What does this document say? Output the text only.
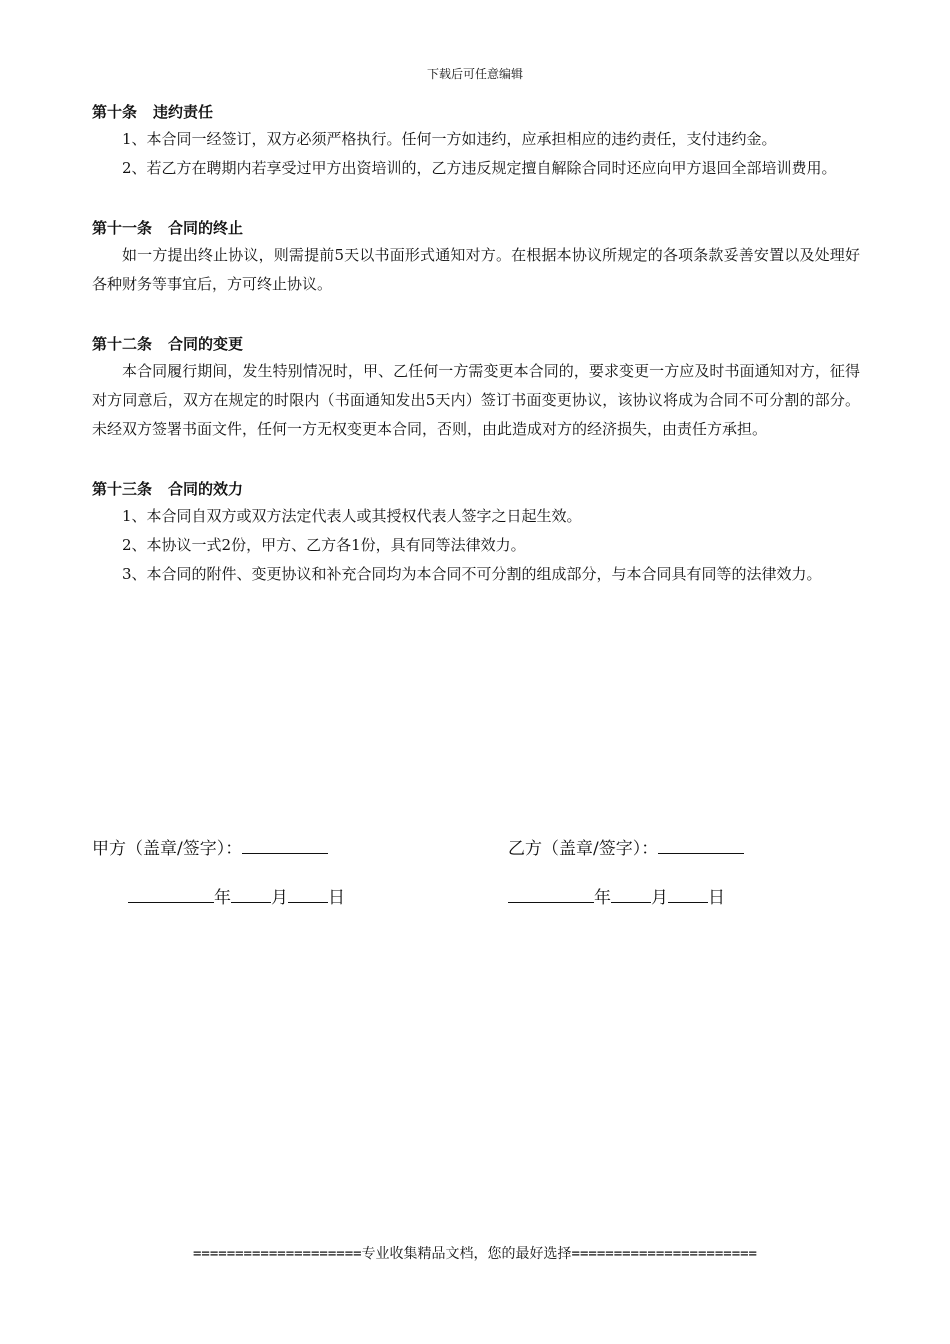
下载后可任意编辑

第十条 违约责任

1、本合同一经签订，双方必须严格执行。任何一方如违约，应承担相应的违约责任，支付违约金。

2、若乙方在聘期内若享受过甲方出资培训的，乙方违反规定擅自解除合同时还应向甲方退回全部培训费用。

第十一条 合同的终止

如一方提出终止协议，则需提前5天以书面形式通知对方。在根据本协议所规定的各项条款妥善安置以及处理好各种财务等事宜后，方可终止协议。

第十二条 合同的变更

本合同履行期间，发生特别情况时，甲、乙任何一方需变更本合同的，要求变更一方应及时书面通知对方，征得对方同意后，双方在规定的时限内（书面通知发出5天内）签订书面变更协议，该协议将成为合同不可分割的部分。未经双方签署书面文件，任何一方无权变更本合同，否则，由此造成对方的经济损失，由责任方承担。

第十三条 合同的效力

1、本合同自双方或双方法定代表人或其授权代表人签字之日起生效。

2、本协议一式2份，甲方、乙方各1份，具有同等法律效力。

3、本合同的附件、变更协议和补充合同均为本合同不可分割的组成部分，与本合同具有同等的法律效力。

甲方（盖章/签字）：	乙方（盖章/签字）：
年 月 日	年 月 日
====================专业收集精品文档，您的最好选择======================
